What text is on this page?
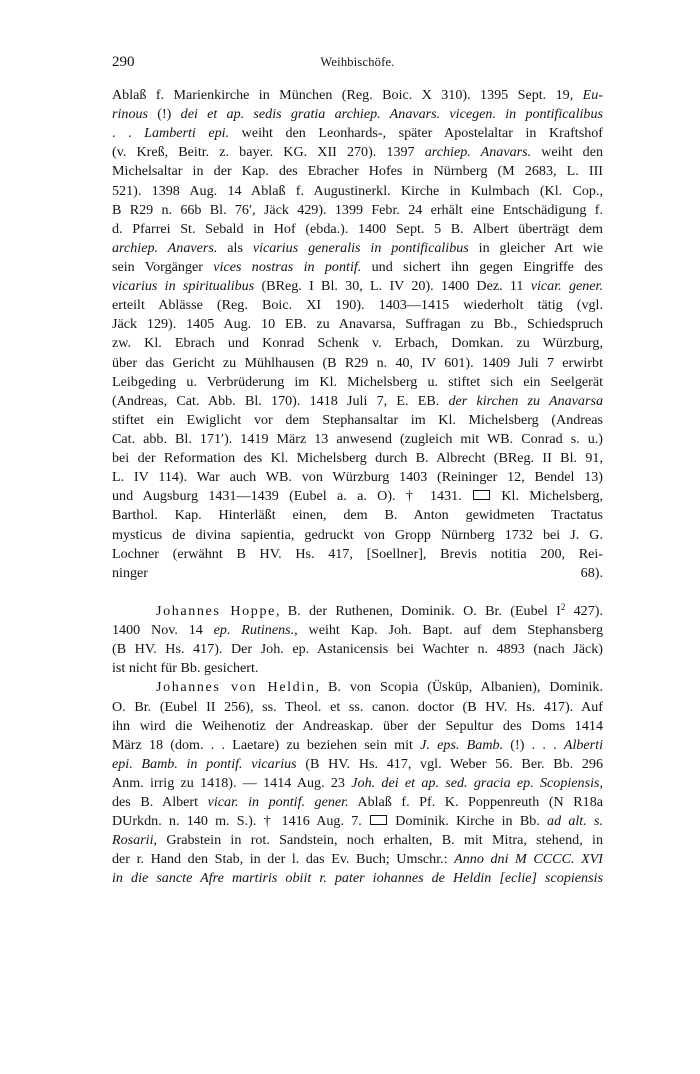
290	Weihbischöfe.
Ablaß f. Marienkirche in München (Reg. Boic. X 310). 1395 Sept. 19, Eu-
rinous (!) dei et ap. sedis gratia archiep. Anavars. vicegen. in pontificalibus
. . Lamberti epi. weiht den Leonhards-, später Apostelaltar in Kraftshof
(v. Kreß, Beitr. z. bayer. KG. XII 270). 1397 archiep. Anavars. weiht den
Michelsaltar in der Kap. des Ebracher Hofes in Nürnberg (M 2683, L. III
521). 1398 Aug. 14 Ablaß f. Augustinerkl. Kirche in Kulmbach (Kl. Cop.,
B R29 n. 66b Bl. 76′, Jäck 429). 1399 Febr. 24 erhält eine Entschädigung f.
d. Pfarrei St. Sebald in Hof (ebda.). 1400 Sept. 5 B. Albert überträgt dem
archiep. Anavers. als vicarius generalis in pontificalibus in gleicher Art wie
sein Vorgänger vices nostras in pontif. und sichert ihn gegen Eingriffe des
vicarius in spiritualibus (BReg. I Bl. 30, L. IV 20). 1400 Dez. 11 vicar. gener.
erteilt Ablässe (Reg. Boic. XI 190). 1403—1415 wiederholt tätig (vgl.
Jäck 129). 1405 Aug. 10 EB. zu Anavarsa, Suffragan zu Bb., Schiedspruch
zw. Kl. Ebrach und Konrad Schenk v. Erbach, Domkan. zu Würzburg,
über das Gericht zu Mühlhausen (B R29 n. 40, IV 601). 1409 Juli 7 erwirbt
Leibgeding u. Verbrüderung im Kl. Michelsberg u. stiftet sich ein Seelgerät
(Andreas, Cat. Abb. Bl. 170). 1418 Juli 7, E. EB. der kirchen zu Anavarsa
stiftet ein Ewiglicht vor dem Stephansaltar im Kl. Michelsberg (Andreas
Cat. abb. Bl. 171′). 1419 März 13 anwesend (zugleich mit WB. Conrad s. u.)
bei der Reformation des Kl. Michelsberg durch B. Albrecht (BReg. II Bl. 91,
L. IV 114). War auch WB. von Würzburg 1403 (Reininger 12, Bendel 13)
und Augsburg 1431—1439 (Eubel a. a. O). † 1431.  Kl. Michelsberg,
Barthol. Kap. Hinterläßt einen, dem B. Anton gewidmeten Tractatus
mysticus de divina sapientia, gedruckt von Gropp Nürnberg 1732 bei J. G.
Lochner (erwähnt B HV. Hs. 417, [Soellner], Brevis notitia 200, Rei-
ninger 68).
Johannes Hoppe, B. der Ruthenen, Dominik. O. Br. (Eubel $I^2$ 427).
1400 Nov. 14 ep. Rutinens., weiht Kap. Joh. Bapt. auf dem Stephansberg
(B HV. Hs. 417). Der Joh. ep. Astanicensis bei Wachter n. 4893 (nach Jäck)
ist nicht für Bb. gesichert.
Johannes von Heldin, B. von Scopia (Üsküp, Albanien), Dominik.
O. Br. (Eubel II 256), ss. Theol. et ss. canon. doctor (B HV. Hs. 417). Auf
ihn wird die Weihenotiz der Andreaskap. über der Sepultur des Doms 1414
März 18 (dom. . . Laetare) zu beziehen sein mit J. eps. Bamb. (!) . . . Alberti
epi. Bamb. in pontif. vicarius (B HV. Hs. 417, vgl. Weber 56. Ber. Bb. 296
Anm. irrig zu 1418). — 1414 Aug. 23 Joh. dei et ap. sed. gracia ep. Scopiensis,
des B. Albert vicar. in pontif. gener. Ablaß f. Pf. K. Poppenreuth (N R18a
DUrkdn. n. 140 m. S.). † 1416 Aug. 7.  Dominik. Kirche in Bb. ad alt. s.
Rosarii, Grabstein in rot. Sandstein, noch erhalten, B. mit Mitra, stehend, in
der r. Hand den Stab, in der l. das Ev. Buch; Umschr.: Anno dni M CCCC. XVI
in die sancte Afre martiris obiit r. pater iohannes de Heldin [eclie] scopiensis
